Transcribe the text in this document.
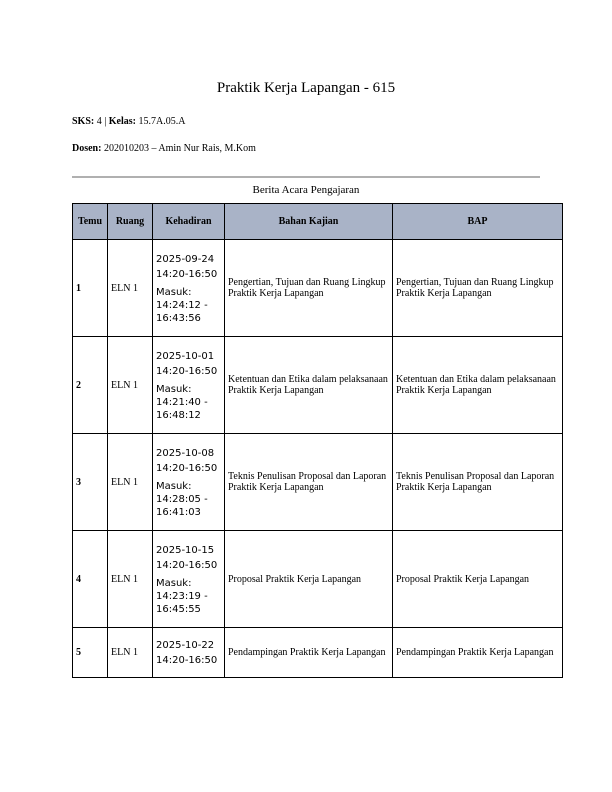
Praktik Kerja Lapangan - 615
SKS: 4 | Kelas: 15.7A.05.A
Dosen: 202010203 – Amin Nur Rais, M.Kom
Berita Acara Pengajaran
Temu	Ruang	Kehadiran	Bahan Kajian	BAP
1	ELN 1	2025-09-24
14:20-16:50
Masuk: 14:24:12 - 16:43:56	Pengertian, Tujuan dan Ruang Lingkup Praktik Kerja Lapangan	Pengertian, Tujuan dan Ruang Lingkup Praktik Kerja Lapangan
2	ELN 1	2025-10-01
14:20-16:50
Masuk: 14:21:40 - 16:48:12	Ketentuan dan Etika dalam pelaksanaan Praktik Kerja Lapangan	Ketentuan dan Etika dalam pelaksanaan Praktik Kerja Lapangan
3	ELN 1	2025-10-08
14:20-16:50
Masuk: 14:28:05 - 16:41:03	Teknis Penulisan Proposal dan Laporan Praktik Kerja Lapangan	Teknis Penulisan Proposal dan Laporan Praktik Kerja Lapangan
4	ELN 1	2025-10-15
14:20-16:50
Masuk: 14:23:19 - 16:45:55	Proposal Praktik Kerja Lapangan	Proposal Praktik Kerja Lapangan
5	ELN 1	2025-10-22
14:20-16:50	Pendampingan Praktik Kerja Lapangan	Pendampingan Praktik Kerja Lapangan
